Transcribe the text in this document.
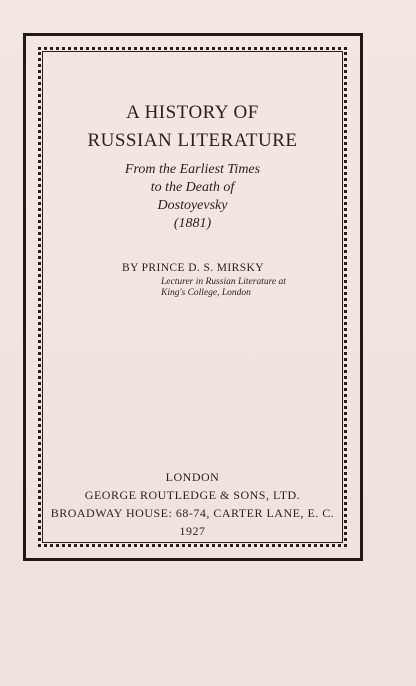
A HISTORY OF
RUSSIAN LITERATURE
From the Earliest Times
to the Death of
Dostoyevsky
(1881)
BY PRINCE D. S. MIRSKY
Lecturer in Russian Literature at
King's College, London
LONDON
GEORGE ROUTLEDGE & SONS, LTD.
BROADWAY HOUSE: 68-74, CARTER LANE, E. C.
1927
